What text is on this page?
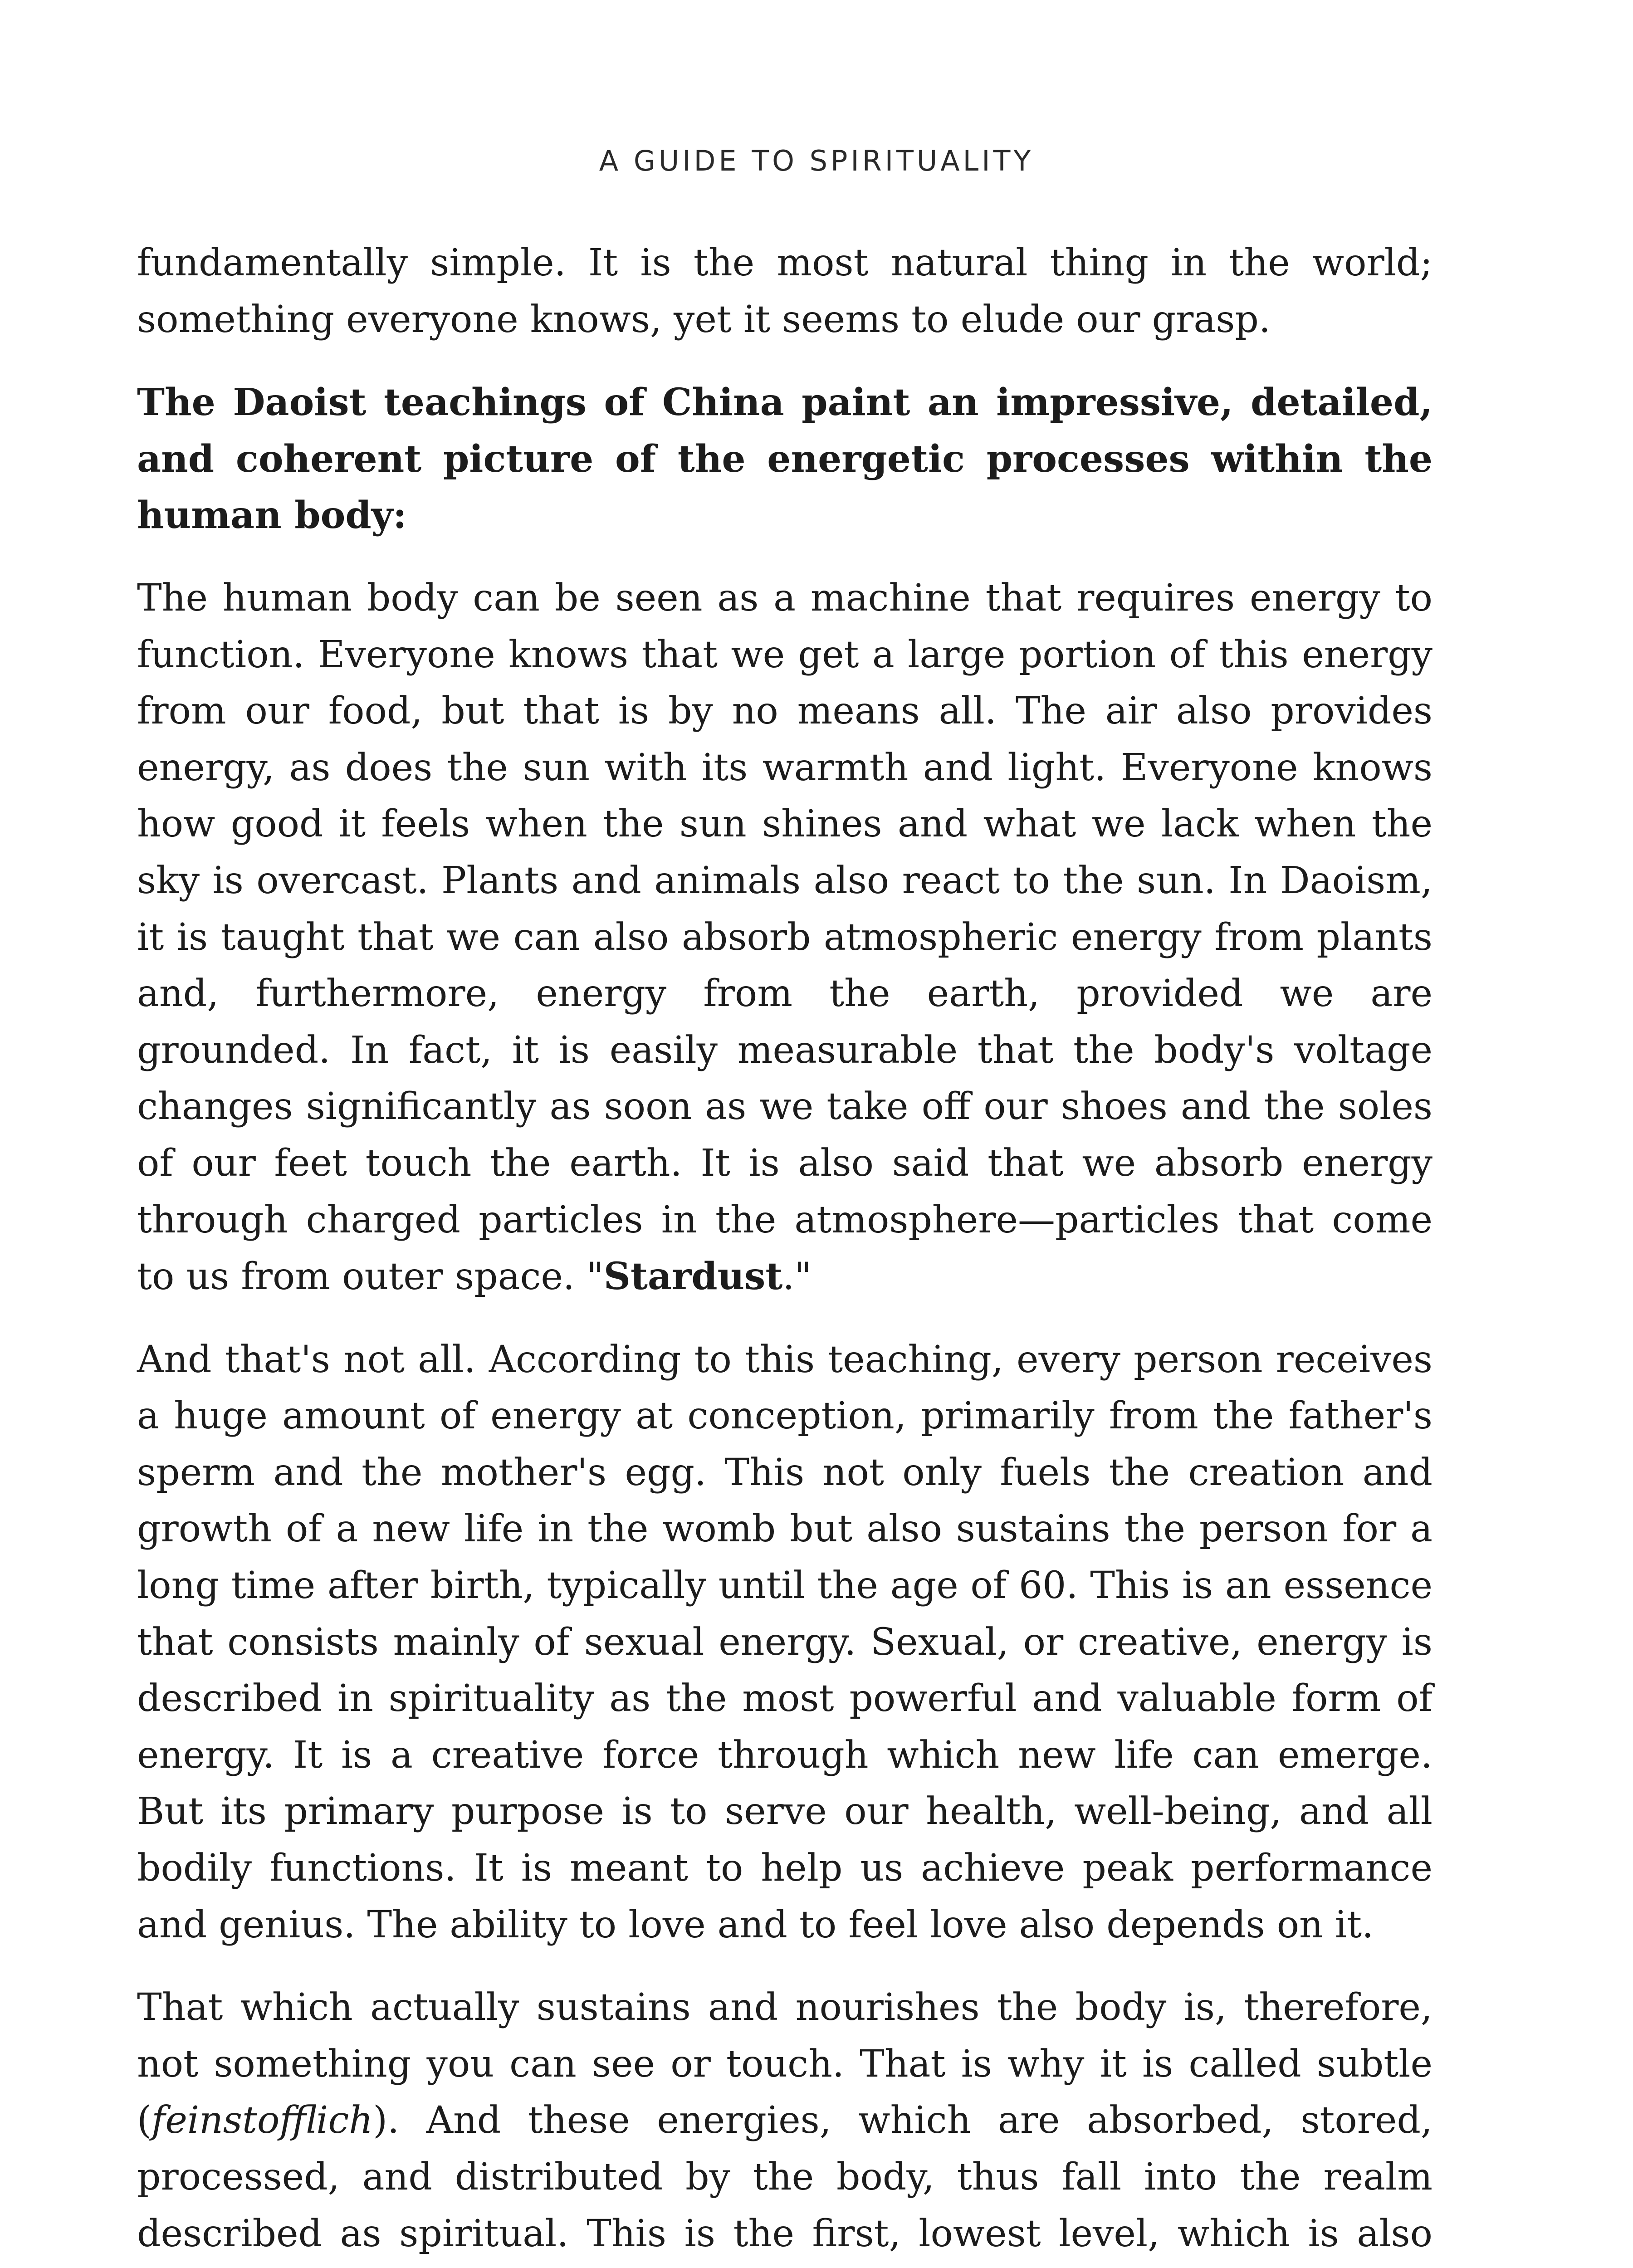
A GUIDE TO SPIRITUALITY

fundamentally simple. It is the most natural thing in the world; something everyone knows, yet it seems to elude our grasp.

The Daoist teachings of China paint an impressive, detailed, and coherent picture of the energetic processes within the human body:

The human body can be seen as a machine that requires energy to function. Everyone knows that we get a large portion of this energy from our food, but that is by no means all. The air also provides energy, as does the sun with its warmth and light. Everyone knows how good it feels when the sun shines and what we lack when the sky is overcast. Plants and animals also react to the sun. In Daoism, it is taught that we can also absorb atmospheric energy from plants and, furthermore, energy from the earth, provided we are grounded. In fact, it is easily measurable that the body's voltage changes significantly as soon as we take off our shoes and the soles of our feet touch the earth. It is also said that we absorb energy through charged particles in the atmosphere—particles that come to us from outer space. "Stardust."

And that's not all. According to this teaching, every person receives a huge amount of energy at conception, primarily from the father's sperm and the mother's egg. This not only fuels the creation and growth of a new life in the womb but also sustains the person for a long time after birth, typically until the age of 60. This is an essence that consists mainly of sexual energy. Sexual, or creative, energy is described in spirituality as the most powerful and valuable form of energy. It is a creative force through which new life can emerge. But its primary purpose is to serve our health, well-being, and all bodily functions. It is meant to help us achieve peak performance and genius. The ability to love and to feel love also depends on it.

That which actually sustains and nourishes the body is, therefore, not something you can see or touch. That is why it is called subtle (feinstofflich). And these energies, which are absorbed, stored, processed, and distributed by the body, thus fall into the realm described as spiritual. This is the first, lowest level, which is also
